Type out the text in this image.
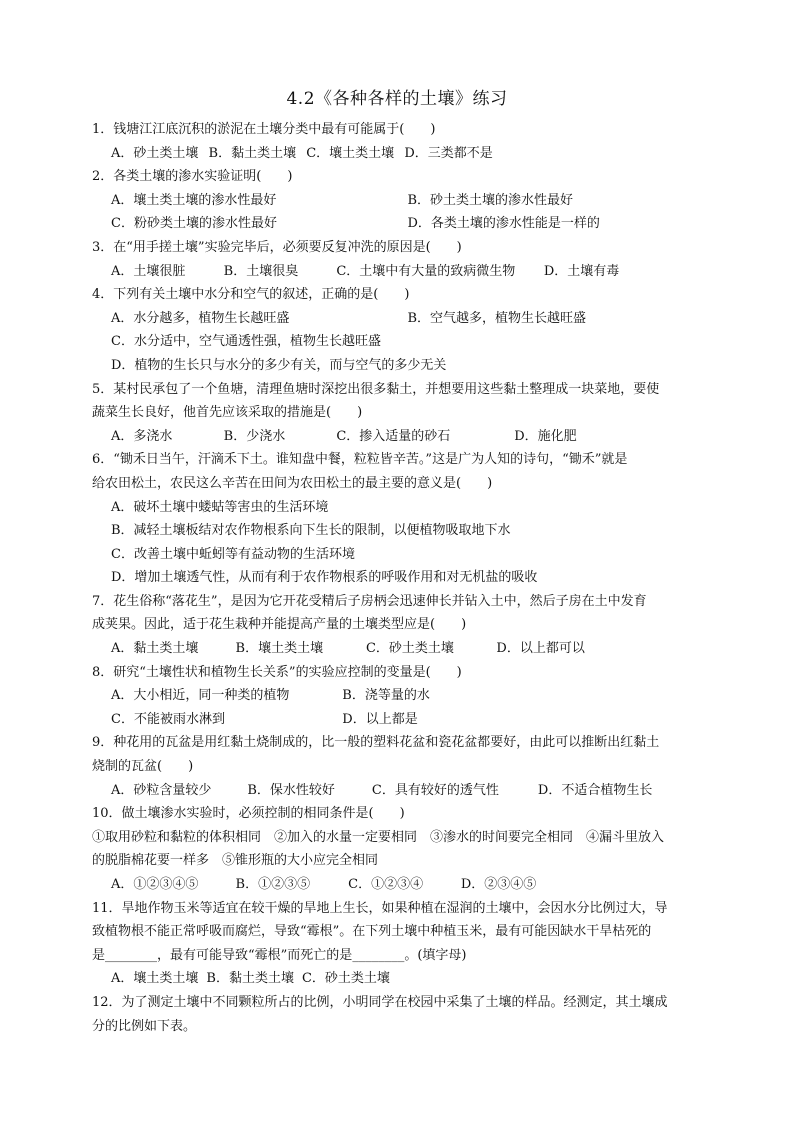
4.2《各种各样的土壤》练习
1．钱塘江江底沉积的淤泥在土壤分类中最有可能属于(　　)
A．砂土类土壤 B．黏土类土壤 C．壤土类土壤 D．三类都不是
2．各类土壤的渗水实验证明(　　)
A．壤土类土壤的渗水性最好	B．砂土类土壤的渗水性最好
C．粉砂类土壤的渗水性最好	D．各类土壤的渗水性能是一样的
3．在“用手搓土壤”实验完毕后，必须要反复冲洗的原因是(　　)
A．土壤很脏	B．土壤很臭	C．土壤中有大量的致病微生物 D．土壤有毒
4．下列有关土壤中水分和空气的叙述，正确的是(　　)
A．水分越多，植物生长越旺盛	B．空气越多，植物生长越旺盛
C．水分适中，空气通透性强，植物生长越旺盛
D．植物的生长只与水分的多少有关，而与空气的多少无关
5．某村民承包了一个鱼塘，清理鱼塘时深挖出很多黏土，并想要用这些黏土整理成一块菜地，要使
蔬菜生长良好，他首先应该采取的措施是(　　)
A．多浇水	B．少浇水	C．掺入适量的砂石	D．施化肥
6．“锄禾日当午，汗滴禾下土。谁知盘中餐，粒粒皆辛苦。”这是广为人知的诗句，“锄禾”就是
给农田松土，农民这么辛苦在田间为农田松土的最主要的意义是(　　)
A．破坏土壤中蝼蛄等害虫的生活环境
B．减轻土壤板结对农作物根系向下生长的限制，以便植物吸取地下水
C．改善土壤中蚯蚓等有益动物的生活环境
D．增加土壤透气性，从而有利于农作物根系的呼吸作用和对无机盐的吸收
7．花生俗称“落花生”，是因为它开花受精后子房柄会迅速伸长并钻入土中，然后子房在土中发育
成荚果。因此，适于花生栽种并能提高产量的土壤类型应是(　　)
A．黏土类土壤	B．壤土类土壤	C．砂土类土壤	D．以上都可以
8．研究“土壤性状和植物生长关系”的实验应控制的变量是(　　)
A．大小相近，同一种类的植物	B．浇等量的水
C．不能被雨水淋到	D．以上都是
9．种花用的瓦盆是用红黏土烧制成的，比一般的塑料花盆和瓷花盆都要好，由此可以推断出红黏土
烧制的瓦盆(　　)
A．砂粒含量较少	B．保水性较好	C．具有较好的透气性	D．不适合植物生长
10．做土壤渗水实验时，必须控制的相同条件是(　　)
①取用砂粒和黏粒的体积相同　②加入的水量一定要相同　③渗水的时间要完全相同　④漏斗里放入
的脱脂棉花要一样多　⑤锥形瓶的大小应完全相同
A．①②③④⑤	B．①②③⑤	C．①②③④	D．②③④⑤
11．旱地作物玉米等适宜在较干燥的旱地上生长，如果种植在湿润的土壤中，会因水分比例过大，导
致植物根不能正常呼吸而腐烂，导致“霉根”。在下列土壤中种植玉米，最有可能因缺水干旱枯死的
是________，最有可能导致“霉根”而死亡的是________。(填字母)
A．壤土类土壤 B．黏土类土壤 C．砂土类土壤
12．为了测定土壤中不同颗粒所占的比例，小明同学在校园中采集了土壤的样品。经测定，其土壤成
分的比例如下表。
